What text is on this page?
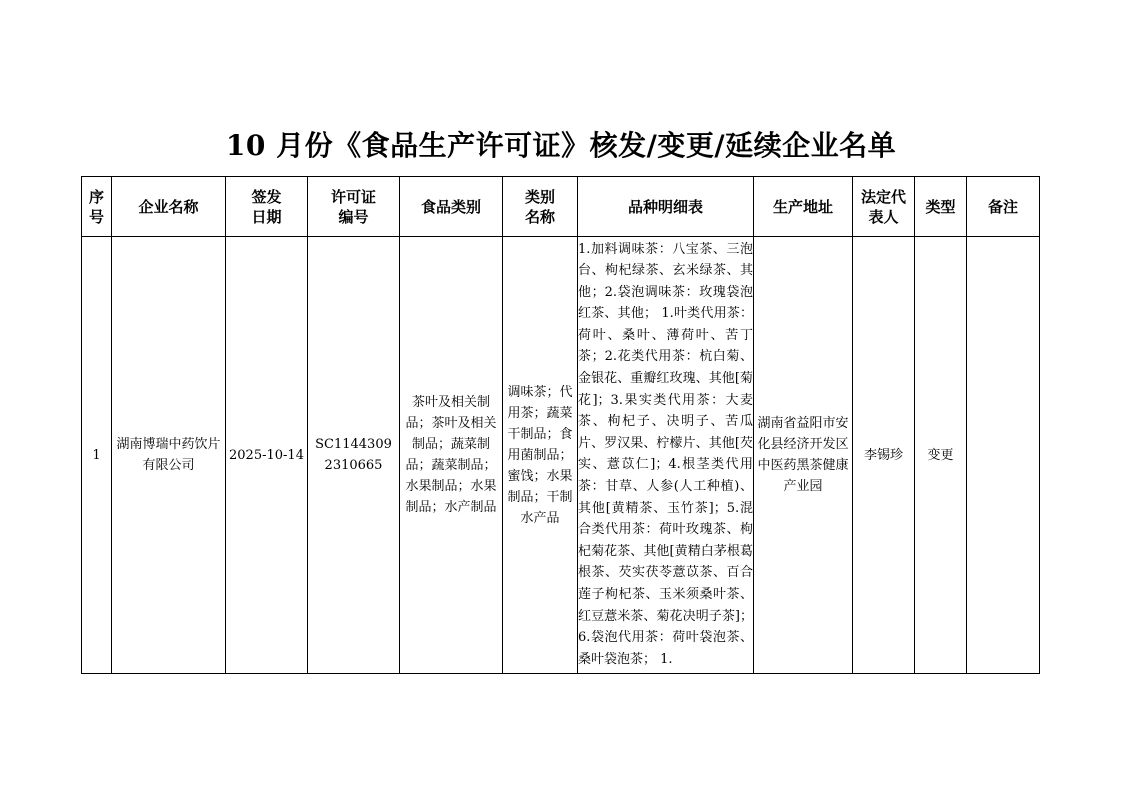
10 月份《食品生产许可证》核发/变更/延续企业名单
序号	企业名称	签发日期	许可证编号	食品类别	类别名称	品种明细表	生产地址	法定代表人	类型	备注
1	湖南博瑞中药饮片有限公司	2025-10-14	SC11443092310665	茶叶及相关制品；茶叶及相关制品；蔬菜制品；蔬菜制品；水果制品；水果制品；水产制品	调味茶；代用茶；蔬菜干制品；食用菌制品；蜜饯；水果制品；干制水产品	1.加料调味茶：八宝茶、三泡台、枸杞绿茶、玄米绿茶、其他；2.袋泡调味茶：玫瑰袋泡红茶、其他； 1.叶类代用茶：荷叶、桑叶、薄荷叶、苦丁茶；2.花类代用茶：杭白菊、金银花、重瓣红玫瑰、其他[菊花]；3.果实类代用茶：大麦茶、枸杞子、决明子、苦瓜片、罗汉果、柠檬片、其他[芡实、薏苡仁]；4.根茎类代用茶：甘草、人参(人工种植)、其他[黄精茶、玉竹茶]；5.混合类代用茶：荷叶玫瑰茶、枸杞菊花茶、其他[黄精白茅根葛根茶、芡实茯苓薏苡茶、百合莲子枸杞茶、玉米须桑叶茶、红豆薏米茶、菊花决明子茶]；6.袋泡代用茶：荷叶袋泡茶、桑叶袋泡茶； 1.	湖南省益阳市安化县经济开发区中医药黑茶健康产业园	李锡珍	变更	
